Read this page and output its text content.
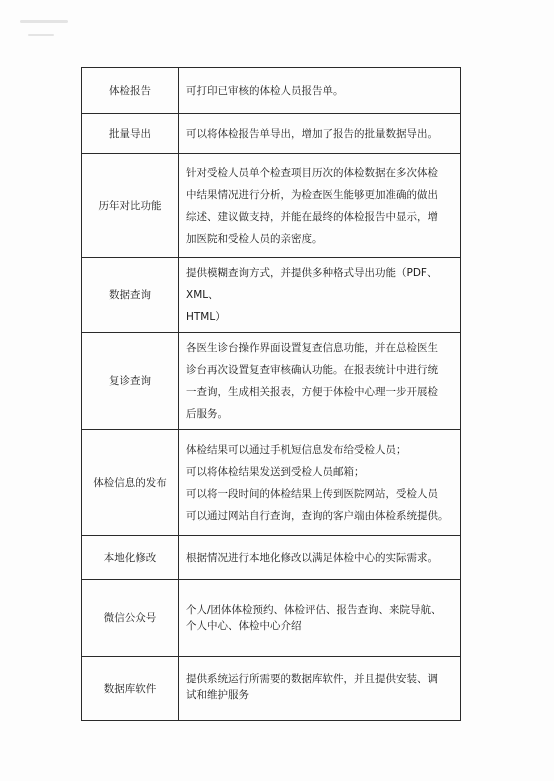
体检报告	可打印已审核的体检人员报告单。

批量导出	可以将体检报告单导出，增加了报告的批量数据导出。

历年对比功能	针对受检人员单个检查项目历次的体检数据在多次体检
中结果情况进行分析，为检查医生能够更加准确的做出
综述、建议做支持，并能在最终的体检报告中显示，增
加医院和受检人员的亲密度。

数据查询	提供模糊查询方式，并提供多种格式导出功能（PDF、XML、
HTML）

复诊查询	各医生诊台操作界面设置复查信息功能，并在总检医生
诊台再次设置复查审核确认功能。在报表统计中进行统
一查询，生成相关报表，方便于体检中心理一步开展检
后服务。

体检信息的发布	体检结果可以通过手机短信息发布给受检人员；
可以将体检结果发送到受检人员邮箱；
可以将一段时间的体检结果上传到医院网站，受检人员
可以通过网站自行查询，查询的客户端由体检系统提供。

本地化修改	根据情况进行本地化修改以满足体检中心的实际需求。

微信公众号	个人/团体体检预约、体检评估、报告查询、来院导航、
个人中心、体检中心介绍

数据库软件	提供系统运行所需要的数据库软件，并且提供安装、调
试和维护服务
